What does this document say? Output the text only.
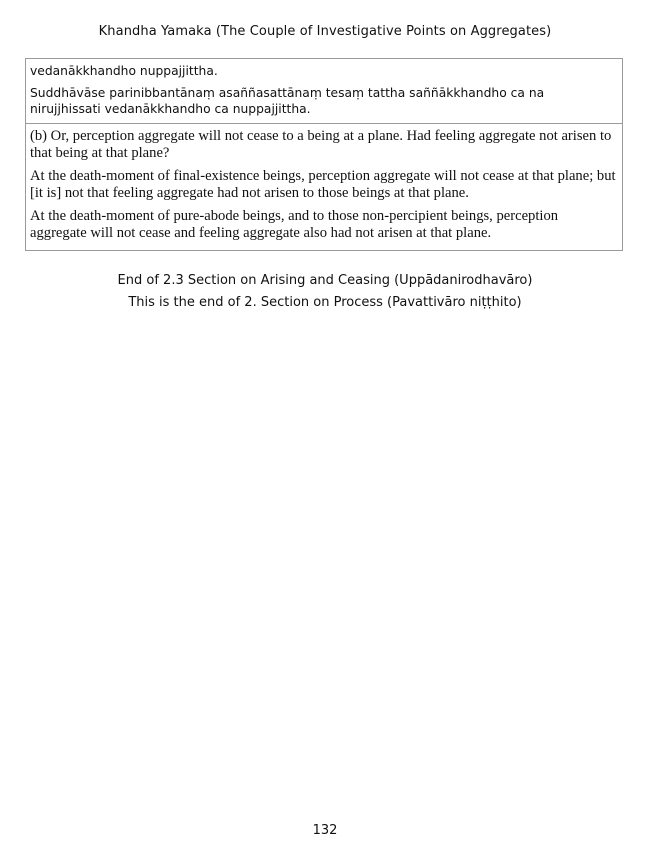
Khandha Yamaka (The Couple of Investigative Points on Aggregates)

vedanākkhandho nuppajjittha.

Suddhāvāse parinibbantānaṃ asaññasattānaṃ tesaṃ tattha saññākkhandho ca na nirujjhissati vedanākkhandho ca nuppajjittha.

(b) Or, perception aggregate will not cease to a being at a plane. Had feeling aggregate not arisen to that being at that plane?

At the death-moment of final-existence beings, perception aggregate will not cease at that plane; but [it is] not that feeling aggregate had not arisen to those beings at that plane.

At the death-moment of pure-abode beings, and to those non-percipient beings, perception aggregate will not cease and feeling aggregate also had not arisen at that plane.

End of 2.3 Section on Arising and Ceasing (Uppādanirodhavāro)
This is the end of 2. Section on Process (Pavattivāro niṭṭhito)
132
